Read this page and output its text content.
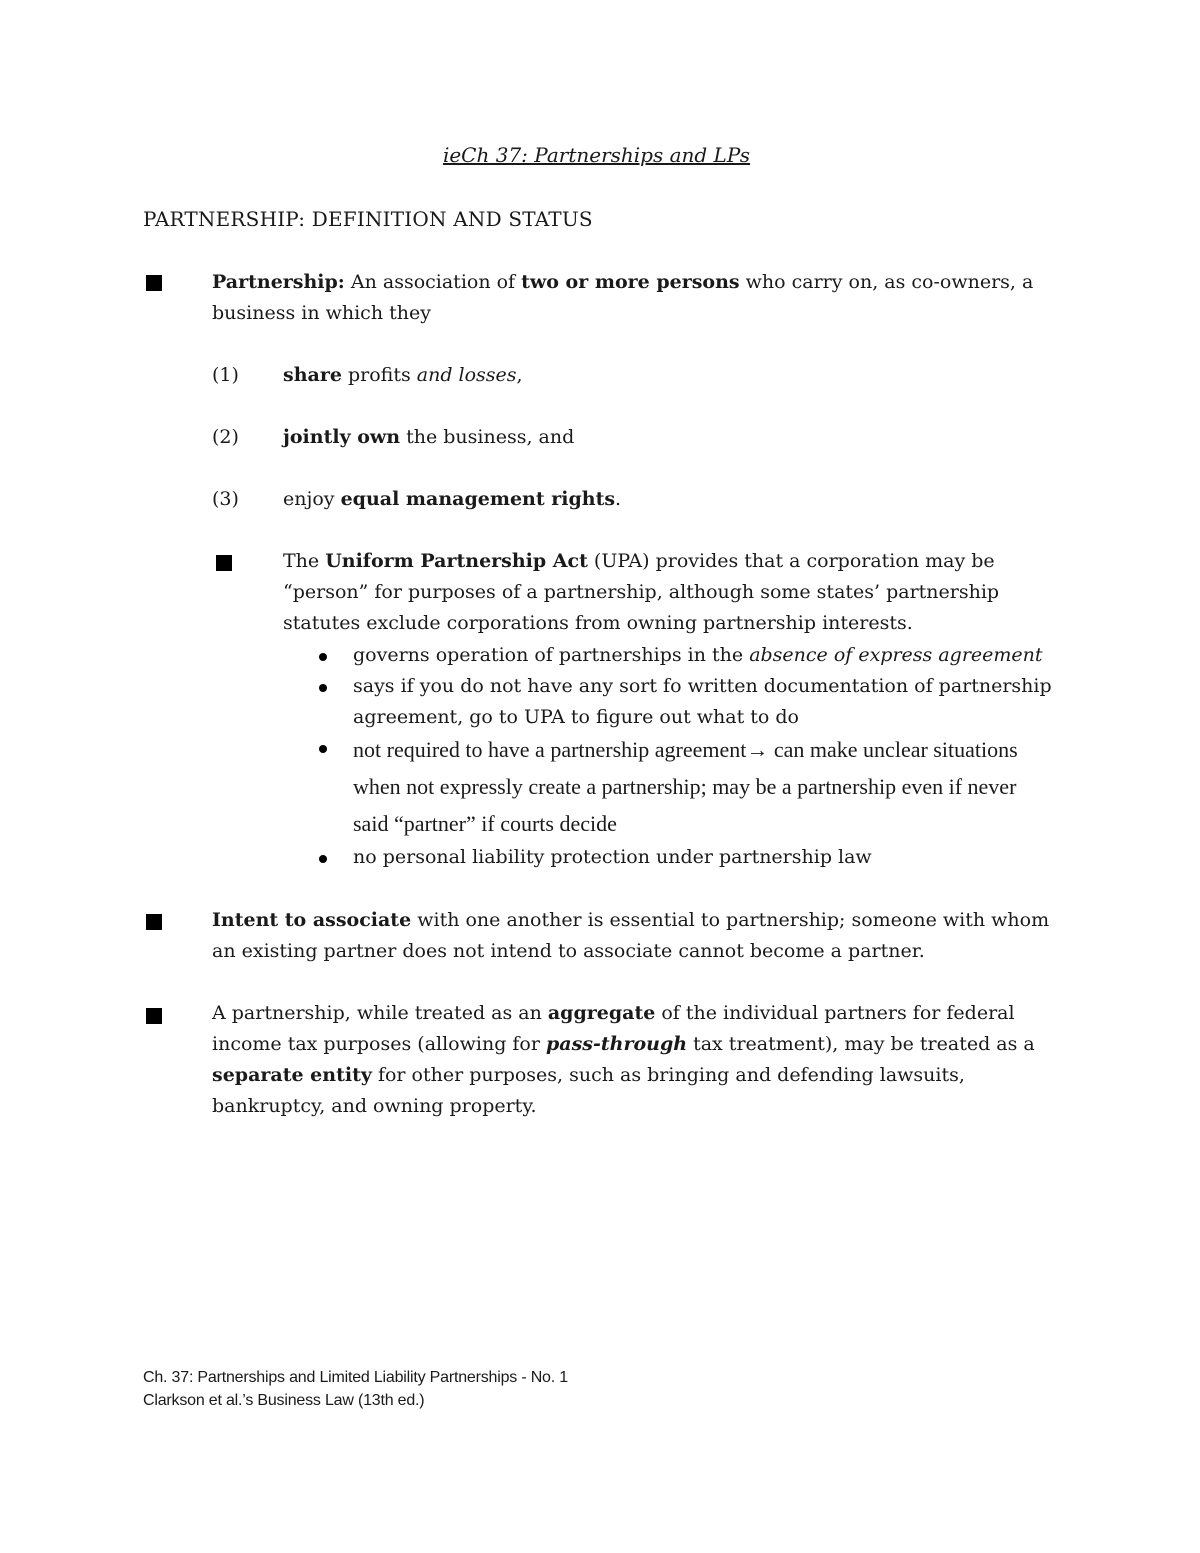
ieCh 37: Partnerships and LPs
PARTNERSHIP: DEFINITION AND STATUS
Partnership: An association of two or more persons who carry on, as co-owners, a business in which they
(1) share profits and losses,
(2) jointly own the business, and
(3) enjoy equal management rights.
The Uniform Partnership Act (UPA) provides that a corporation may be “person” for purposes of a partnership, although some states’ partnership statutes exclude corporations from owning partnership interests.
governs operation of partnerships in the absence of express agreement
says if you do not have any sort fo written documentation of partnership agreement, go to UPA to figure out what to do
not required to have a partnership agreement→ can make unclear situations when not expressly create a partnership; may be a partnership even if never said “partner” if courts decide
no personal liability protection under partnership law
Intent to associate with one another is essential to partnership; someone with whom an existing partner does not intend to associate cannot become a partner.
A partnership, while treated as an aggregate of the individual partners for federal income tax purposes (allowing for pass-through tax treatment), may be treated as a separate entity for other purposes, such as bringing and defending lawsuits, bankruptcy, and owning property.
Ch. 37: Partnerships and Limited Liability Partnerships - No. 1
Clarkson et al.’s Business Law (13th ed.)
